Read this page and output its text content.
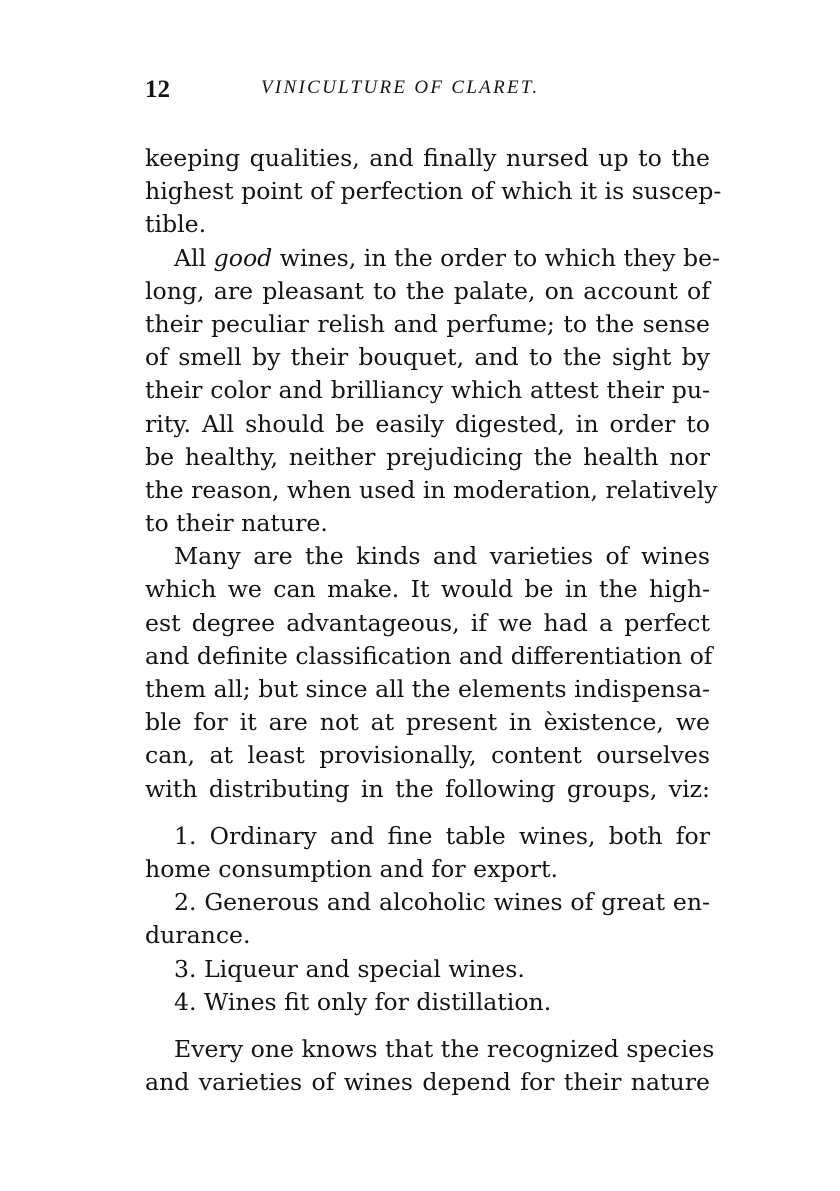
12	VINICULTURE OF CLARET.
keeping qualities, and finally nursed up to the
highest point of perfection of which it is suscep-
tible.
All good wines, in the order to which they be-
long, are pleasant to the palate, on account of
their peculiar relish and perfume; to the sense
of smell by their bouquet, and to the sight by
their color and brilliancy which attest their pu-
rity. All should be easily digested, in order to
be healthy, neither prejudicing the health nor
the reason, when used in moderation, relatively
to their nature.
Many are the kinds and varieties of wines
which we can make. It would be in the high-
est degree advantageous, if we had a perfect
and definite classification and differentiation of
them all; but since all the elements indispensa-
ble for it are not at present in èxistence, we
can, at least provisionally, content ourselves
with distributing in the following groups, viz:
1. Ordinary and fine table wines, both for
home consumption and for export.
2. Generous and alcoholic wines of great en-
durance.
3. Liqueur and special wines.
4. Wines fit only for distillation.
Every one knows that the recognized species
and varieties of wines depend for their nature
